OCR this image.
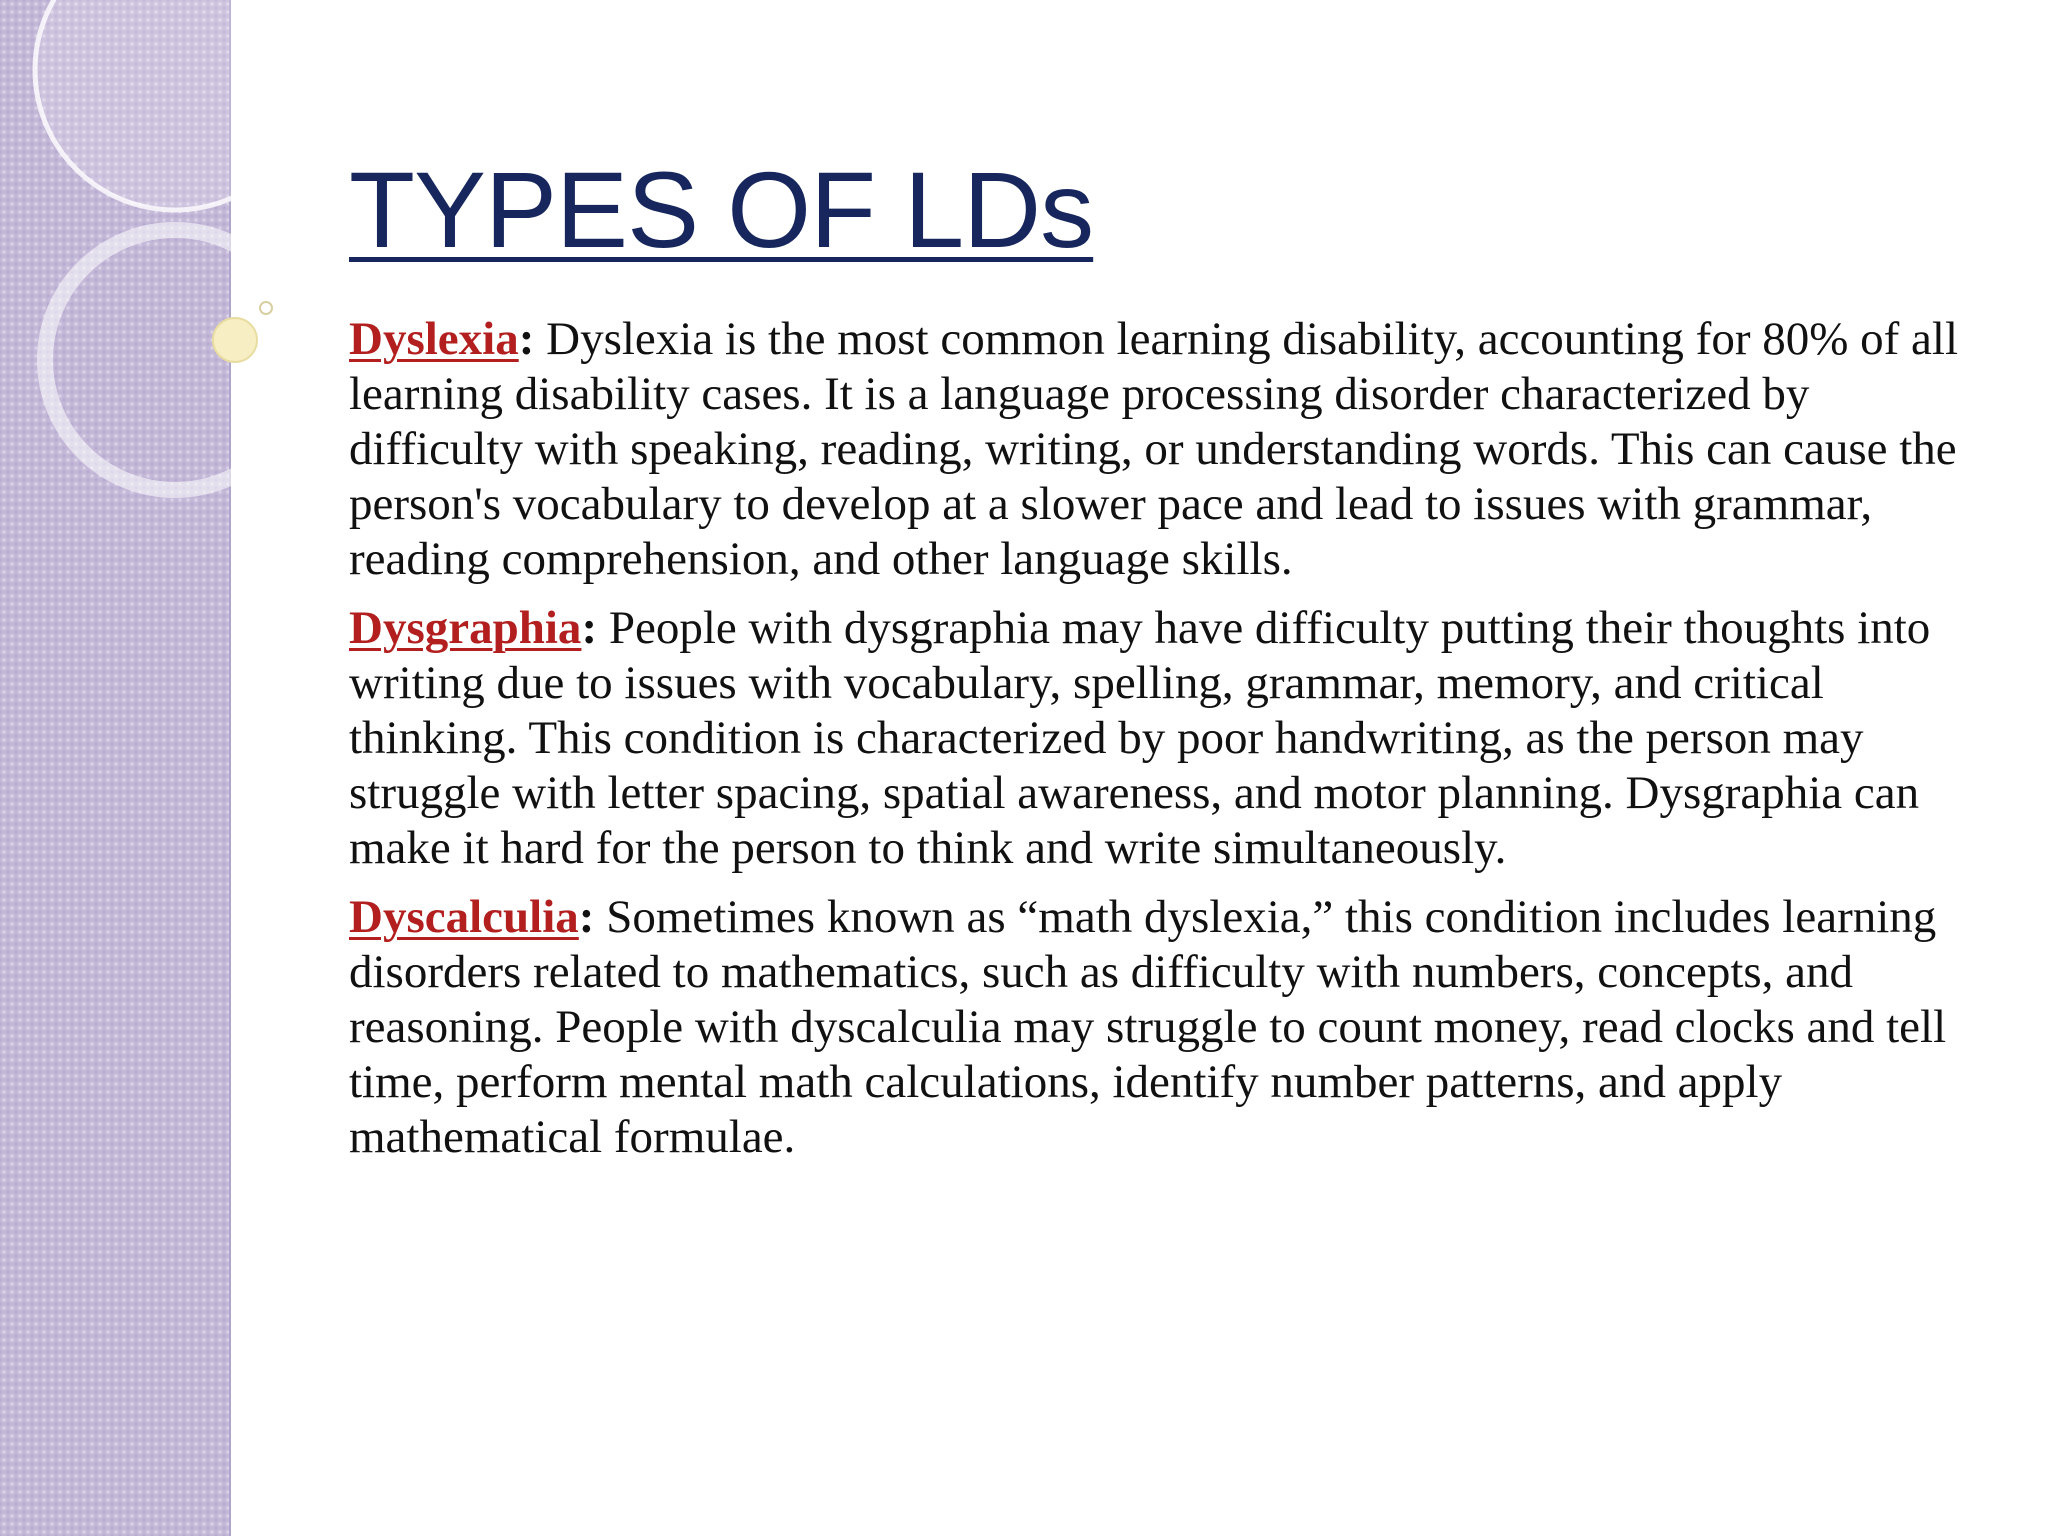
TYPES OF LDs

Dyslexia: Dyslexia is the most common learning disability, accounting for 80% of all learning disability cases. It is a language processing disorder characterized by difficulty with speaking, reading, writing, or understanding words. This can cause the person's vocabulary to develop at a slower pace and lead to issues with grammar, reading comprehension, and other language skills.

Dysgraphia: People with dysgraphia may have difficulty putting their thoughts into writing due to issues with vocabulary, spelling, grammar, memory, and critical thinking. This condition is characterized by poor handwriting, as the person may struggle with letter spacing, spatial awareness, and motor planning. Dysgraphia can make it hard for the person to think and write simultaneously.

Dyscalculia: Sometimes known as “math dyslexia,” this condition includes learning disorders related to mathematics, such as difficulty with numbers, concepts, and reasoning. People with dyscalculia may struggle to count money, read clocks and tell time, perform mental math calculations, identify number patterns, and apply mathematical formulae.
